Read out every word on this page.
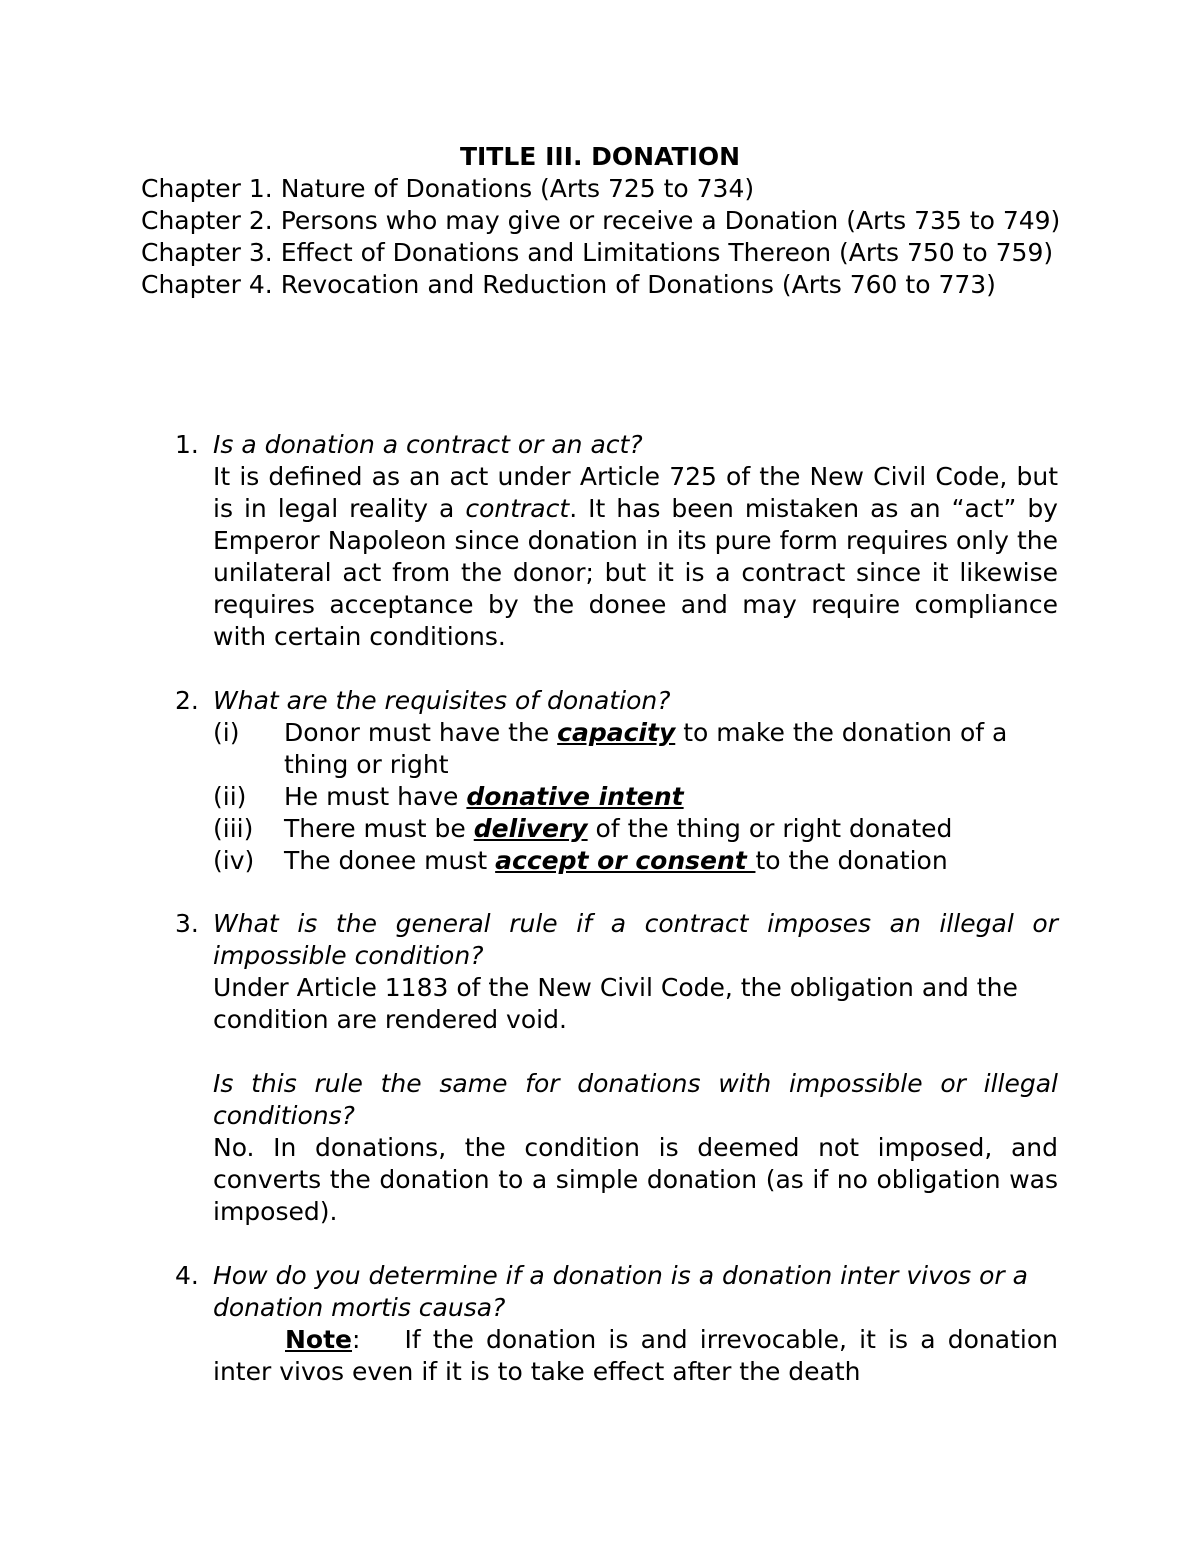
TITLE III. DONATION

Chapter 1. Nature of Donations (Arts 725 to 734)

Chapter 2. Persons who may give or receive a Donation (Arts 735 to 749)

Chapter 3. Effect of Donations and Limitations Thereon (Arts 750 to 759)

Chapter 4. Revocation and Reduction of Donations (Arts 760 to 773)

1. Is a donation a contract or an act?

It is defined as an act under Article 725 of the New Civil Code, but is in legal reality a contract. It has been mistaken as an “act” by Emperor Napoleon since donation in its pure form requires only the unilateral act from the donor; but it is a contract since it likewise requires acceptance by the donee and may require compliance with certain conditions.

2. What are the requisites of donation?

(i) Donor must have the capacity to make the donation of a thing or right
(ii) He must have donative intent
(iii) There must be delivery of the thing or right donated
(iv) The donee must accept or consent to the donation
3. What is the general rule if a contract imposes an illegal or impossible condition?

Under Article 1183 of the New Civil Code, the obligation and the condition are rendered void.

Is this rule the same for donations with impossible or illegal conditions?

No. In donations, the condition is deemed not imposed, and converts the donation to a simple donation (as if no obligation was imposed).

4. How do you determine if a donation is a donation inter vivos or a donation mortis causa?

Note: If the donation is and irrevocable, it is a donation inter vivos even if it is to take effect after the death
